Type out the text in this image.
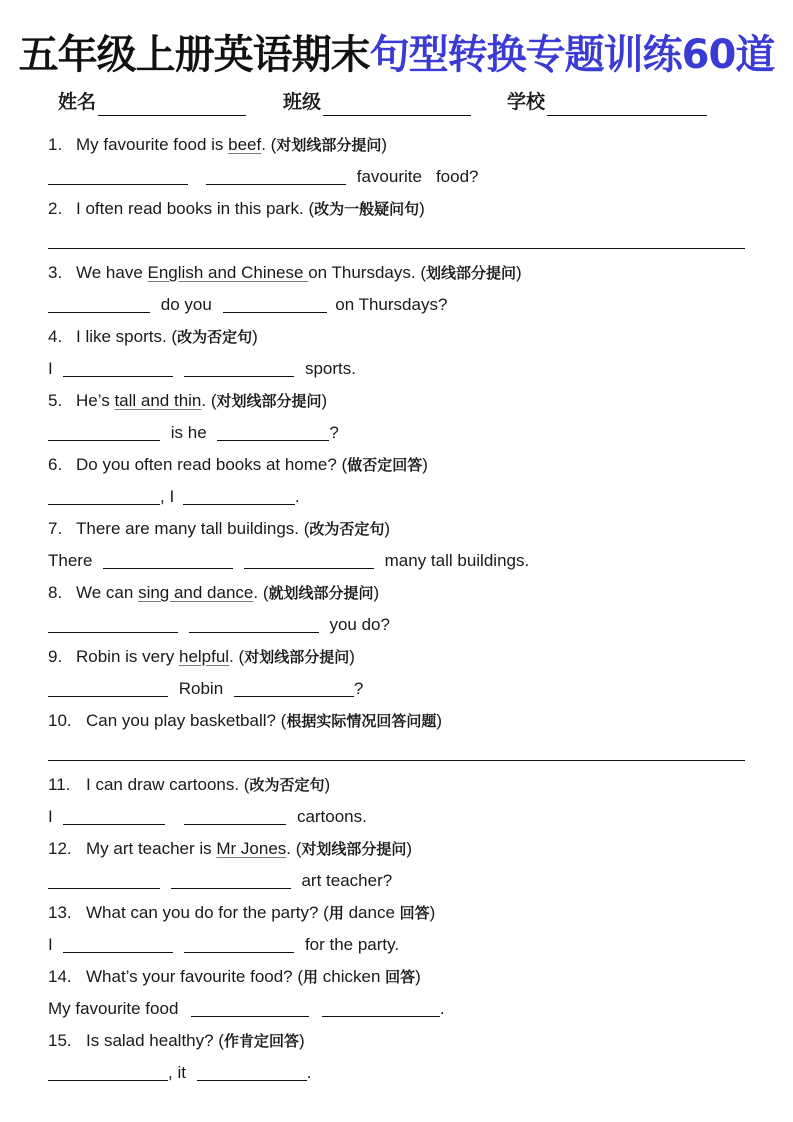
五年级上册英语期末句型转换专题训练60道
姓名	班级	学校
1. My favourite food is beef. (对划线部分提问)
favourite food?
2. I often read books in this park. (改为一般疑问句)
3. We have English and Chinese on Thursdays. (划线部分提问)
do you	on Thursdays?
4. I like sports. (改为否定句)
I	sports.
5. He’s tall and thin. (对划线部分提问)
is he	?
6. Do you often read books at home? (做否定回答)
, I	.
7. There are many tall buildings. (改为否定句)
There	many tall buildings.
8. We can sing and dance. (就划线部分提问)
you do?
9. Robin is very helpful. (对划线部分提问)
Robin	?
10. Can you play basketball? (根据实际情况回答问题)
11. I can draw cartoons. (改为否定句)
I	cartoons.
12. My art teacher is Mr Jones. (对划线部分提问)
art teacher?
13. What can you do for the party? (用 dance 回答)
I	for the party.
14. What’s your favourite food? (用 chicken 回答)
My favourite food	.
15. Is salad healthy? (作肯定回答)
, it	.
